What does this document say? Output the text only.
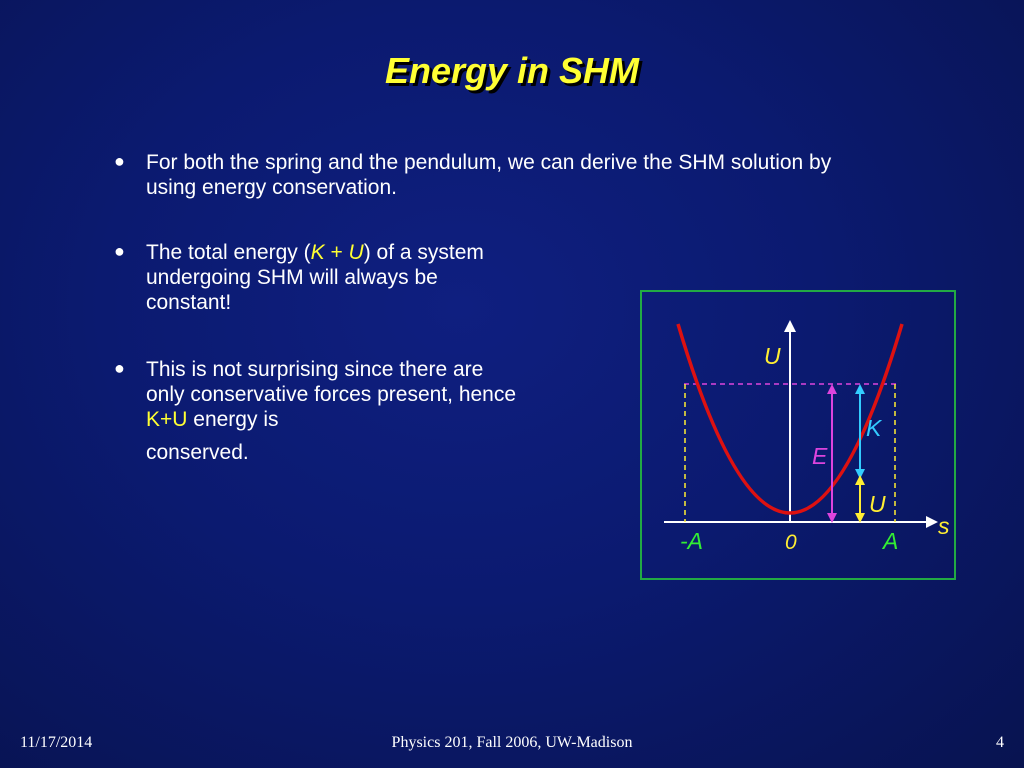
Energy in SHM
● For both the spring and the pendulum, we can derive the SHM solution by using energy conservation.
● The total energy (K + U) of a system undergoing SHM will always be constant!
● This is not surprising since there are only conservative forces present, hence K+U energy is
conserved.
U
K
E
U
s
-A	0	A
11/17/2014	Physics 201, Fall 2006, UW-Madison	4
